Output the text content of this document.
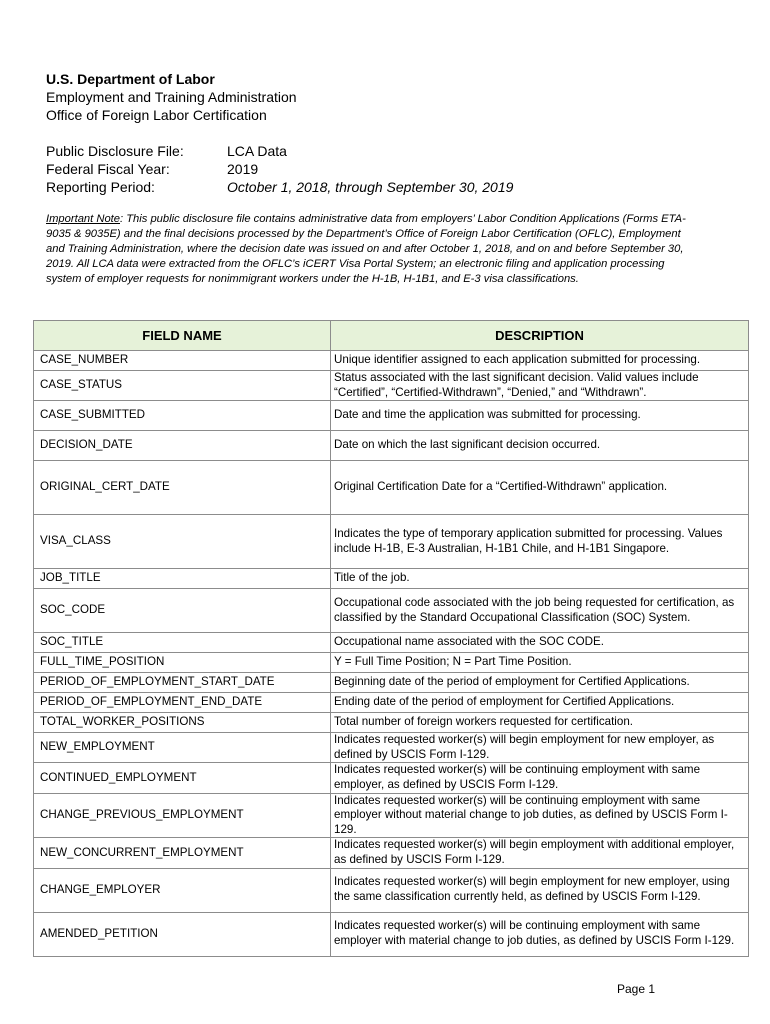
U.S. Department of Labor
Employment and Training Administration
Office of Foreign Labor Certification
Public Disclosure File:	LCA Data
Federal Fiscal Year:	2019
Reporting Period:	October 1, 2018, through September 30, 2019

Important Note: This public disclosure file contains administrative data from employers’ Labor Condition Applications (Forms ETA-9035 & 9035E) and the final decisions processed by the Department’s Office of Foreign Labor Certification (OFLC), Employment and Training Administration, where the decision date was issued on and after October 1, 2018, and on and before September 30, 2019. All LCA data were extracted from the OFLC’s iCERT Visa Portal System; an electronic filing and application processing system of employer requests for nonimmigrant workers under the H-1B, H-1B1, and E-3 visa classifications.

FIELD NAME	DESCRIPTION
CASE_NUMBER	Unique identifier assigned to each application submitted for processing.
CASE_STATUS	Status associated with the last significant decision. Valid values include “Certified”, “Certified-Withdrawn”, “Denied,” and “Withdrawn”.
CASE_SUBMITTED	Date and time the application was submitted for processing.
DECISION_DATE	Date on which the last significant decision occurred.
ORIGINAL_CERT_DATE	Original Certification Date for a “Certified-Withdrawn” application.
VISA_CLASS	Indicates the type of temporary application submitted for processing. Values include H-1B, E-3 Australian, H-1B1 Chile, and H-1B1 Singapore.
JOB_TITLE	Title of the job.
SOC_CODE	Occupational code associated with the job being requested for certification, as classified by the Standard Occupational Classification (SOC) System.
SOC_TITLE	Occupational name associated with the SOC CODE.
FULL_TIME_POSITION	Y = Full Time Position; N = Part Time Position.
PERIOD_OF_EMPLOYMENT_START_DATE	Beginning date of the period of employment for Certified Applications.
PERIOD_OF_EMPLOYMENT_END_DATE	Ending date of the period of employment for Certified Applications.
TOTAL_WORKER_POSITIONS	Total number of foreign workers requested for certification.
NEW_EMPLOYMENT	Indicates requested worker(s) will begin employment for new employer, as defined by USCIS Form I-129.
CONTINUED_EMPLOYMENT	Indicates requested worker(s) will be continuing employment with same employer, as defined by USCIS Form I-129.
CHANGE_PREVIOUS_EMPLOYMENT	Indicates requested worker(s) will be continuing employment with same employer without material change to job duties, as defined by USCIS Form I-129.
NEW_CONCURRENT_EMPLOYMENT	Indicates requested worker(s) will begin employment with additional employer, as defined by USCIS Form I-129.
CHANGE_EMPLOYER	Indicates requested worker(s) will begin employment for new employer, using the same classification currently held, as defined by USCIS Form I-129.
AMENDED_PETITION	Indicates requested worker(s) will be continuing employment with same employer with material change to job duties, as defined by USCIS Form I-129.
Page 1
